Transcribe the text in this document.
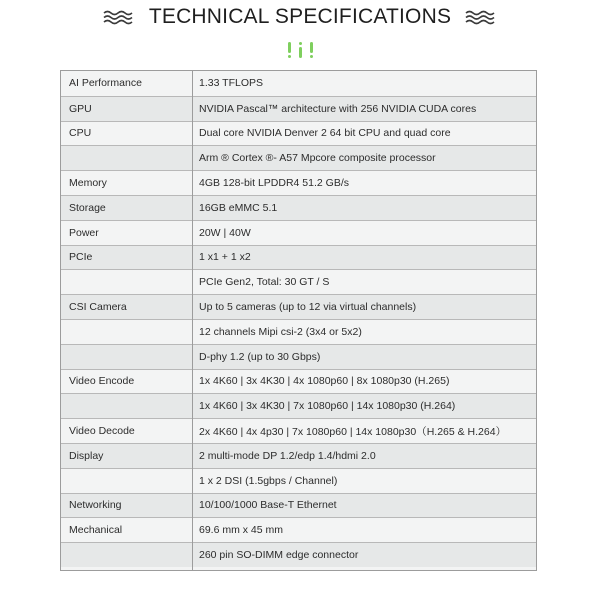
TECHNICAL SPECIFICATIONS
AI Performance	1.33 TFLOPS
GPU	NVIDIA Pascal™ architecture with 256 NVIDIA CUDA cores
CPU	Dual core NVIDIA Denver 2 64 bit CPU and quad core
Arm ® Cortex ®- A57 Mpcore composite processor
Memory	4GB 128-bit LPDDR4 51.2 GB/s
Storage	16GB eMMC 5.1
Power	20W | 40W
PCIe	1 x1 + 1 x2
PCIe Gen2, Total: 30 GT / S
CSI Camera	Up to 5 cameras (up to 12 via virtual channels)
12 channels Mipi csi-2 (3x4 or 5x2)
D-phy 1.2 (up to 30 Gbps)
Video Encode	1x 4K60 | 3x 4K30 | 4x 1080p60 | 8x 1080p30 (H.265)
1x 4K60 | 3x 4K30 | 7x 1080p60 | 14x 1080p30 (H.264)
Video Decode	2x 4K60 | 4x 4p30 | 7x 1080p60 | 14x 1080p30（H.265 & H.264）
Display	2 multi-mode DP 1.2/edp 1.4/hdmi 2.0
1 x 2 DSI (1.5gbps / Channel)
Networking	10/100/1000 Base-T Ethernet
Mechanical	69.6 mm x 45 mm
260 pin SO-DIMM edge connector
